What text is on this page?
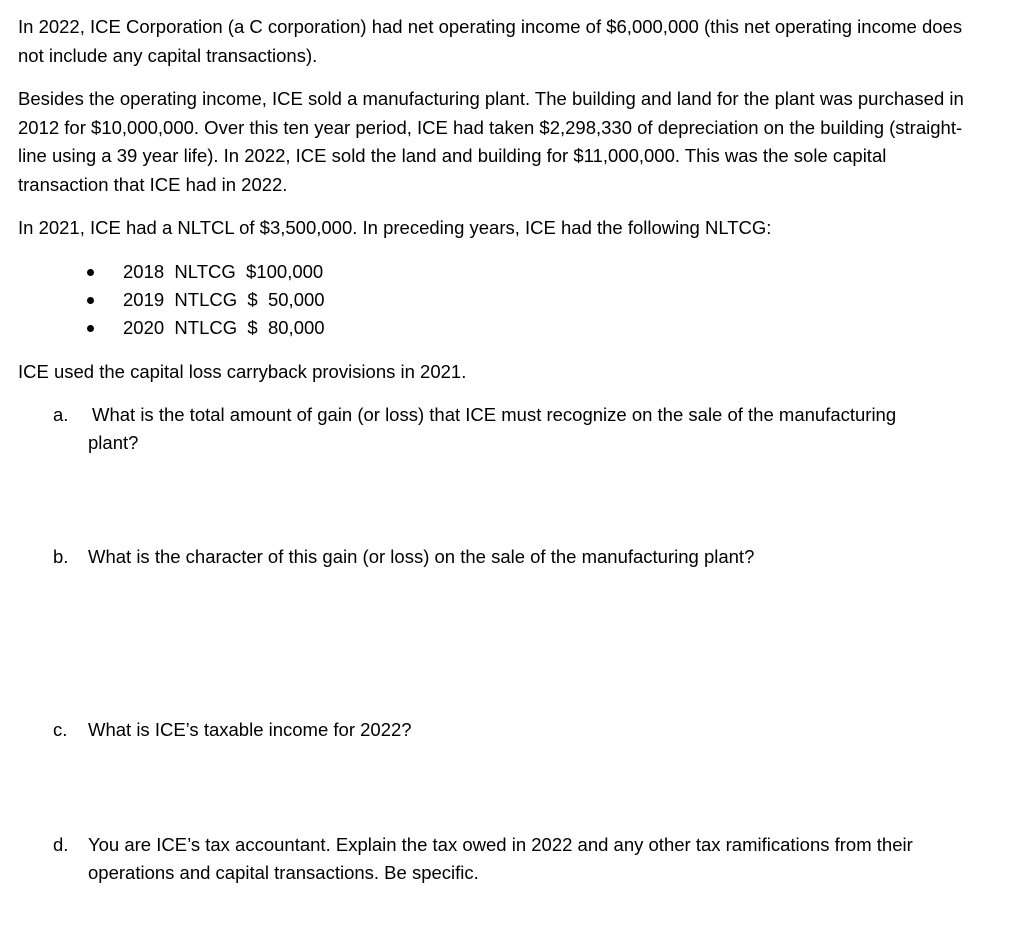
In 2022, ICE Corporation (a C corporation) had net operating income of $6,000,000 (this net operating income does not include any capital transactions).

Besides the operating income, ICE sold a manufacturing plant. The building and land for the plant was purchased in 2012 for $10,000,000. Over this ten year period, ICE had taken $2,298,330 of depreciation on the building (straight-line using a 39 year life). In 2022, ICE sold the land and building for $11,000,000. This was the sole capital transaction that ICE had in 2022.

In 2021, ICE had a NLTCL of $3,500,000. In preceding years, ICE had the following NLTCG:

2018  NLTCG  $100,000
2019  NTLCG  $  50,000
2020  NTLCG  $  80,000

ICE used the capital loss carryback provisions in 2021.

a. What is the total amount of gain (or loss) that ICE must recognize on the sale of the manufacturing plant?

b. What is the character of this gain (or loss) on the sale of the manufacturing plant?

c. What is ICE’s taxable income for 2022?

d. You are ICE’s tax accountant. Explain the tax owed in 2022 and any other tax ramifications from their operations and capital transactions. Be specific.
